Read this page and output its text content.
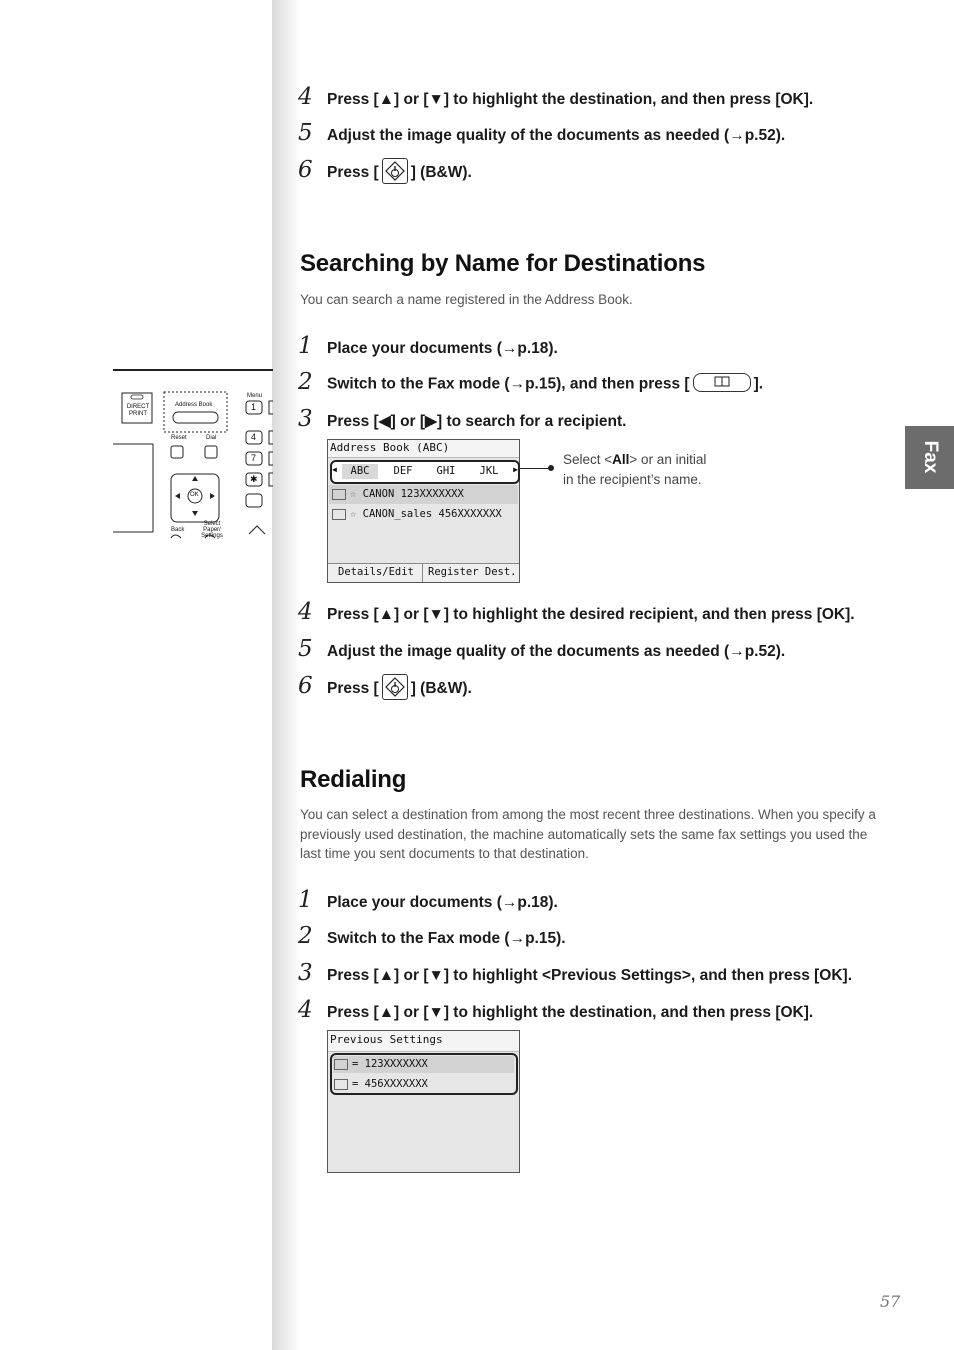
DIRECT PRINT
Address Book
Reset	Dial
Menu
OK
Back
Select Paper/ Settings
1
4
7
✱
4 Press [▲] or [▼] to highlight the destination, and then press [OK].
5 Adjust the image quality of the documents as needed (→p.52).
6 Press [ ] (B&W).
Searching by Name for Destinations
You can search a name registered in the Address Book.
1 Place your documents (→p.18).
2 Switch to the Fax mode (→p.15), and then press [	].
3 Press [◀] or [▶] to search for a recipient.
Address Book (ABC)
◀	ABC	DEF	GHI	JKL	▶
☆ CANON 123XXXXXXX
☆ CANON_sales 456XXXXXXX
Details/Edit Register Dest.
Select <All> or an initial
in the recipient’s name.
4 Press [▲] or [▼] to highlight the desired recipient, and then press [OK].
5 Adjust the image quality of the documents as needed (→p.52).
6 Press [ ] (B&W).
Redialing
You can select a destination from among the most recent three destinations. When you specify a previously used destination, the machine automatically sets the same fax settings you used the last time you sent documents to that destination.
1 Place your documents (→p.18).
2 Switch to the Fax mode (→p.15).
3 Press [▲] or [▼] to highlight <Previous Settings>, and then press [OK].
4 Press [▲] or [▼] to highlight the destination, and then press [OK].
Previous Settings
= 123XXXXXXX
= 456XXXXXXX
Fax
57
